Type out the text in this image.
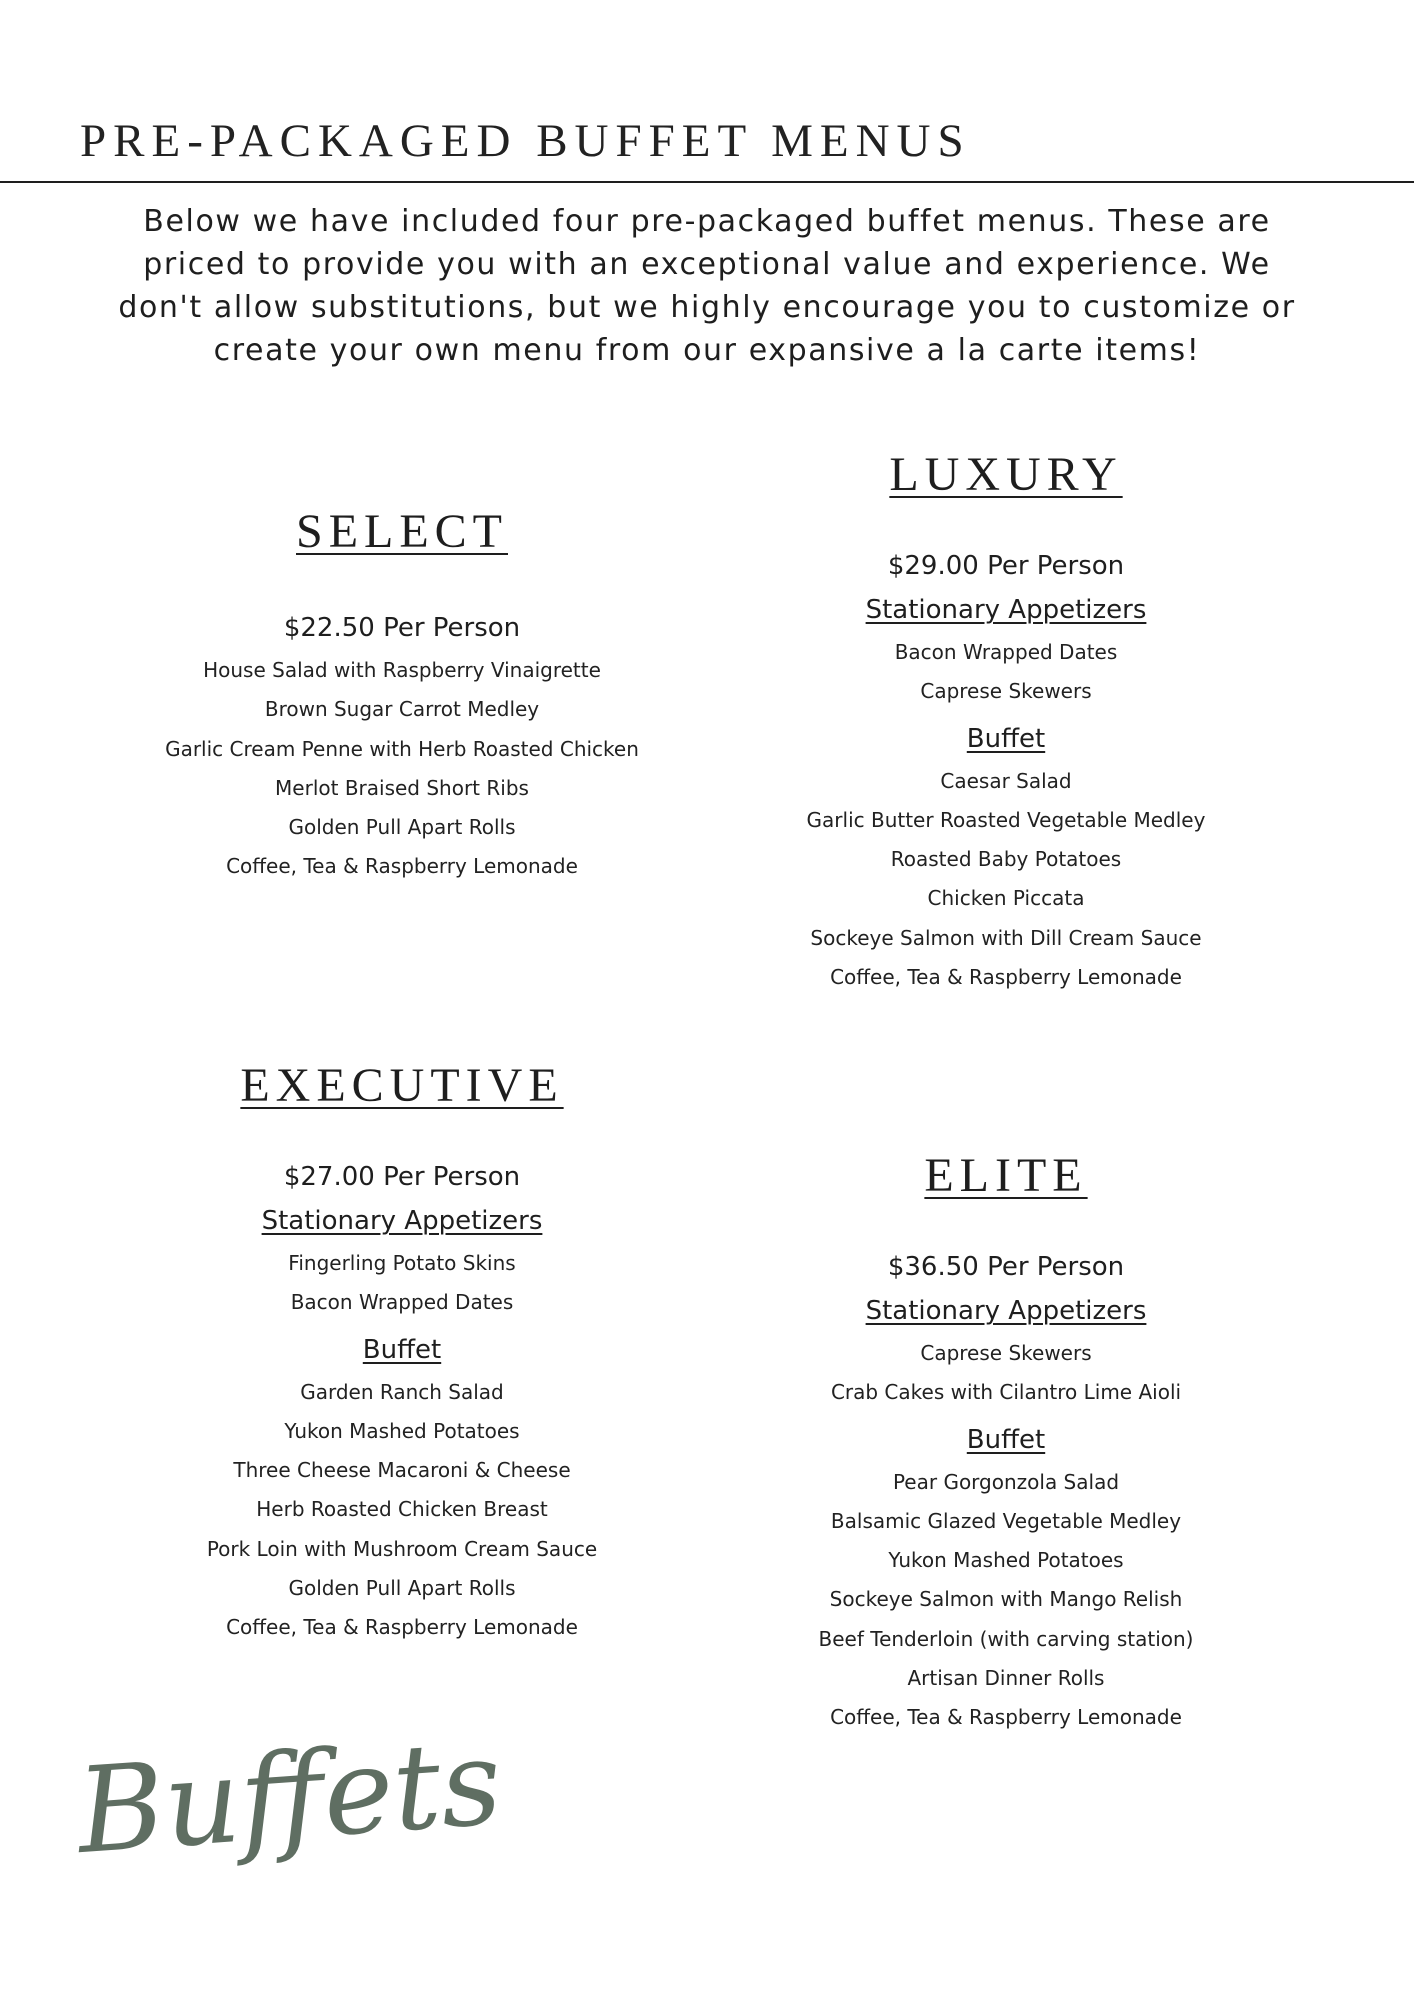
PRE-PACKAGED BUFFET MENUS

Below we have included four pre-packaged buffet menus. These are
priced to provide you with an exceptional value and experience. We
don't allow substitutions, but we highly encourage you to customize or
create your own menu from our expansive a la carte items!

SELECT

$22.50 Per Person

House Salad with Raspberry Vinaigrette

Brown Sugar Carrot Medley

Garlic Cream Penne with Herb Roasted Chicken

Merlot Braised Short Ribs

Golden Pull Apart Rolls

Coffee, Tea & Raspberry Lemonade

LUXURY

$29.00 Per Person

Stationary Appetizers

Bacon Wrapped Dates

Caprese Skewers

Buffet

Caesar Salad

Garlic Butter Roasted Vegetable Medley

Roasted Baby Potatoes

Chicken Piccata

Sockeye Salmon with Dill Cream Sauce

Coffee, Tea & Raspberry Lemonade

EXECUTIVE

$27.00 Per Person

Stationary Appetizers

Fingerling Potato Skins

Bacon Wrapped Dates

Buffet

Garden Ranch Salad

Yukon Mashed Potatoes

Three Cheese Macaroni & Cheese

Herb Roasted Chicken Breast

Pork Loin with Mushroom Cream Sauce

Golden Pull Apart Rolls

Coffee, Tea & Raspberry Lemonade

ELITE

$36.50 Per Person

Stationary Appetizers

Caprese Skewers

Crab Cakes with Cilantro Lime Aioli

Buffet

Pear Gorgonzola Salad

Balsamic Glazed Vegetable Medley

Yukon Mashed Potatoes

Sockeye Salmon with Mango Relish

Beef Tenderloin (with carving station)

Artisan Dinner Rolls

Coffee, Tea & Raspberry Lemonade

Buffets
